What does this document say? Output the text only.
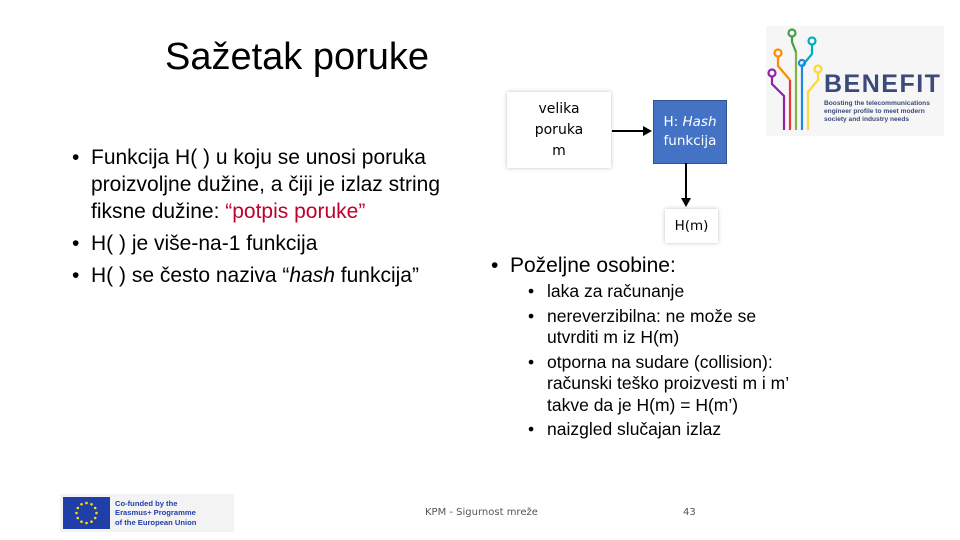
Sažetak poruke
BENEFIT
Boosting the telecommunications engineer profile to meet modern society and industry needs
• Funkcija H( ) u koju se unosi poruka proizvoljne dužine, a čiji je izlaz string fiksne dužine: “potpis poruke”
• H( ) je više-na-1 funkcija
• H( ) se često naziva “hash funkcija”
velika
poruka
m
H: Hash
funkcija
H(m)
• Poželjne osobine:
• laka za računanje
• nereverzibilna: ne može se utvrditi m iz H(m)
• otporna na sudare (collision): računski teško proizvesti m i m’ takve da je H(m) = H(m’)
• naizgled slučajan izlaz
Co-funded by the
Erasmus+ Programme
of the European Union
KPM - Sigurnost mreže	43
